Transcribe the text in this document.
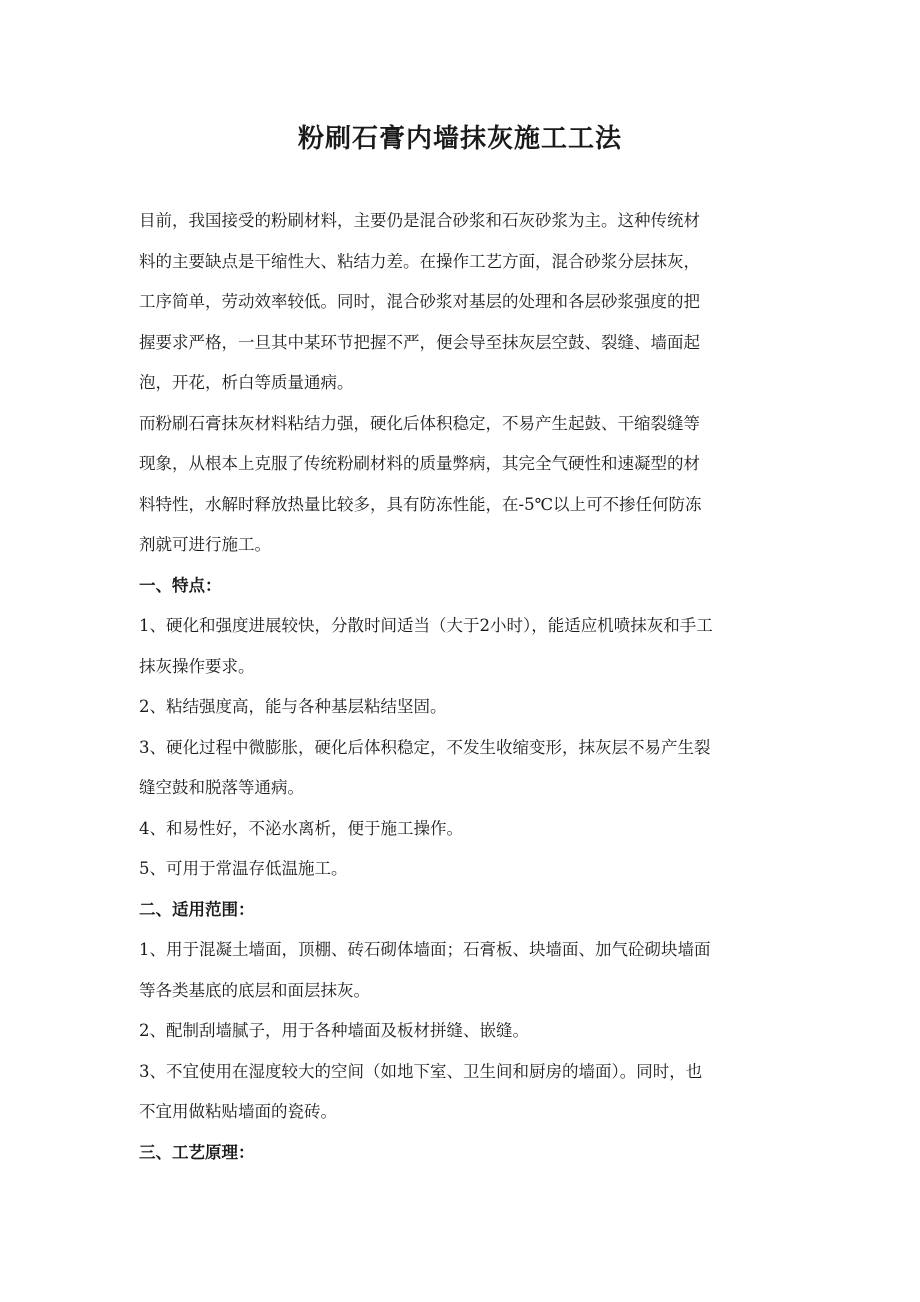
粉刷石膏内墙抹灰施工工法
目前，我国接受的粉刷材料，主要仍是混合砂浆和石灰砂浆为主。这种传统材
料的主要缺点是干缩性大、粘结力差。在操作工艺方面，混合砂浆分层抹灰，
工序简单，劳动效率较低。同时，混合砂浆对基层的处理和各层砂浆强度的把
握要求严格，一旦其中某环节把握不严，便会导至抹灰层空鼓、裂缝、墙面起
泡，开花，析白等质量通病。
而粉刷石膏抹灰材料粘结力强，硬化后体积稳定，不易产生起鼓、干缩裂缝等
现象，从根本上克服了传统粉刷材料的质量弊病，其完全气硬性和速凝型的材
料特性，水解时释放热量比较多，具有防冻性能，在-5℃以上可不掺任何防冻
剂就可进行施工。
一、特点：
1、硬化和强度进展较快，分散时间适当（大于2小时），能适应机喷抹灰和手工
抹灰操作要求。
2、粘结强度高，能与各种基层粘结坚固。
3、硬化过程中微膨胀，硬化后体积稳定，不发生收缩变形，抹灰层不易产生裂
缝空鼓和脱落等通病。
4、和易性好，不泌水离析，便于施工操作。
5、可用于常温存低温施工。
二、适用范围：
1、用于混凝土墙面，顶棚、砖石砌体墙面；石膏板、块墙面、加气砼砌块墙面
等各类基底的底层和面层抹灰。
2、配制刮墙腻子，用于各种墙面及板材拼缝、嵌缝。
3、不宜使用在湿度较大的空间（如地下室、卫生间和厨房的墙面）。同时，也
不宜用做粘贴墙面的瓷砖。
三、工艺原理：
